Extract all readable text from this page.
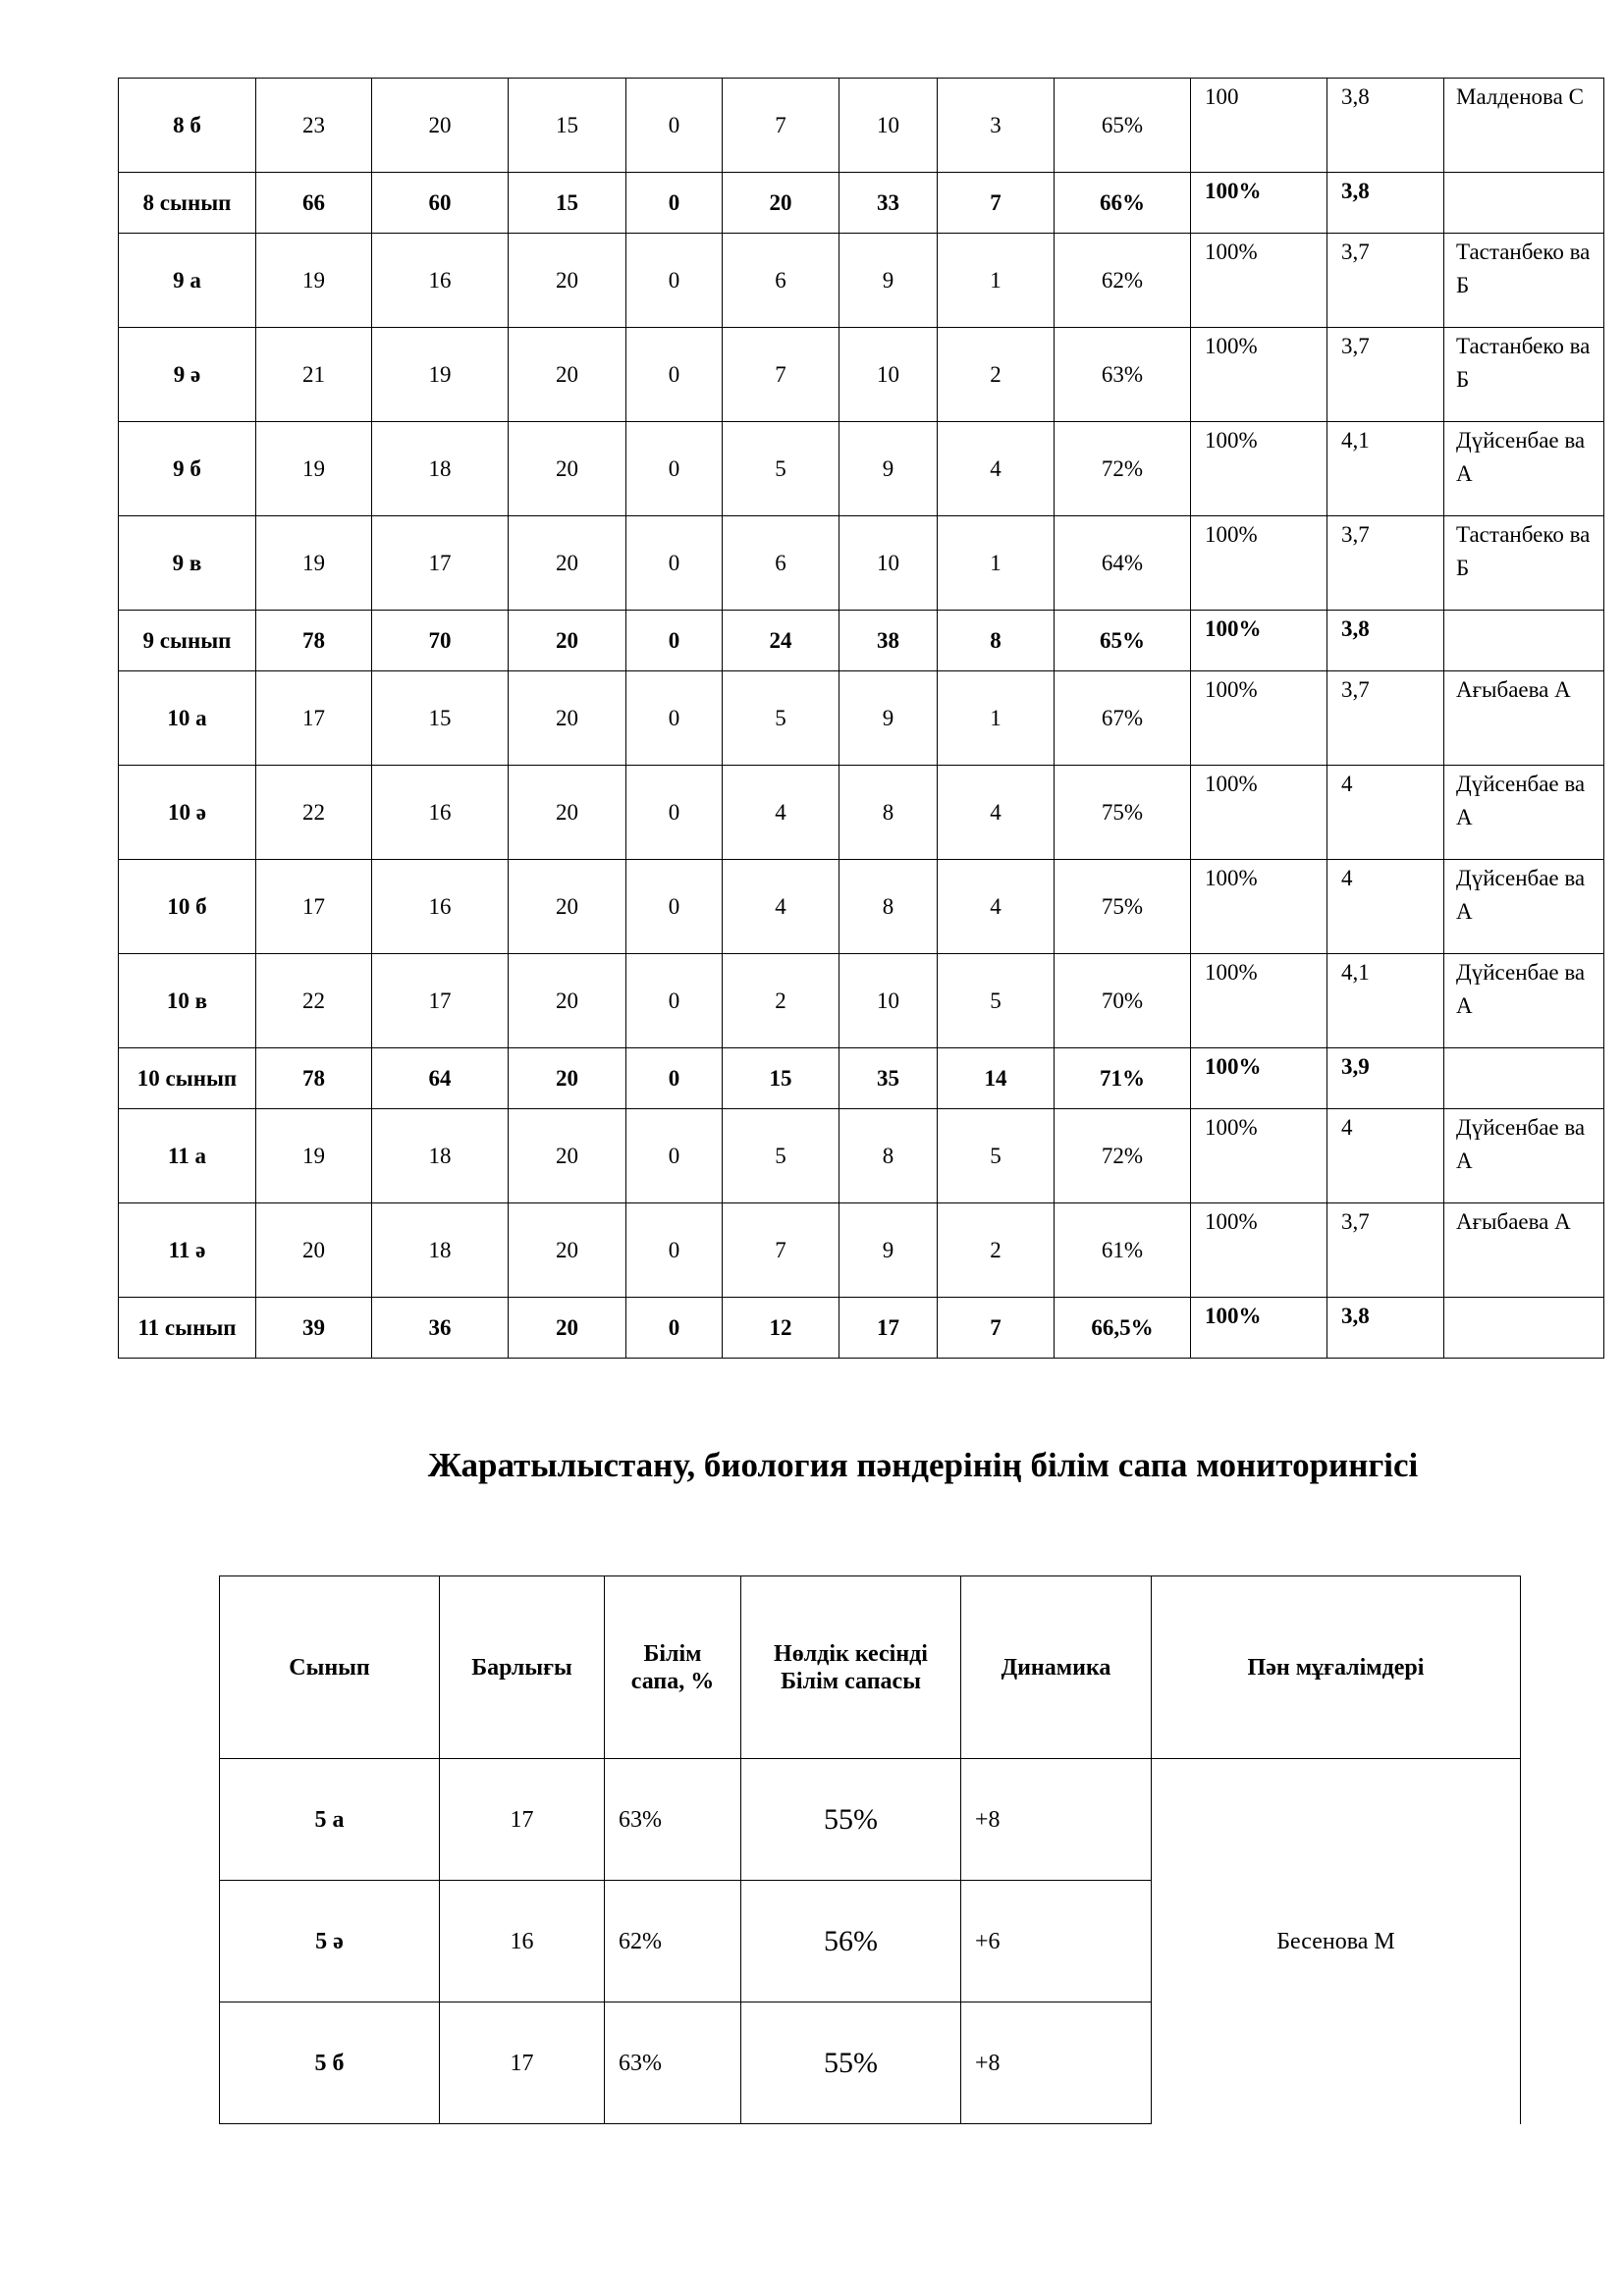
8 б	23	20	15	0	7	10	3	65%	100	3,8	Малденова С
8 сынып	66	60	15	0	20	33	7	66%	100%	3,8	
9 а	19	16	20	0	6	9	1	62%	100%	3,7	Тастанбеко ва Б
9 ә	21	19	20	0	7	10	2	63%	100%	3,7	Тастанбеко ва Б
9 б	19	18	20	0	5	9	4	72%	100%	4,1	Дүйсенбае ва А
9 в	19	17	20	0	6	10	1	64%	100%	3,7	Тастанбеко ва Б
9 сынып	78	70	20	0	24	38	8	65%	100%	3,8	
10 а	17	15	20	0	5	9	1	67%	100%	3,7	Ағыбаева А
10 ә	22	16	20	0	4	8	4	75%	100%	4	Дүйсенбае ва А
10 б	17	16	20	0	4	8	4	75%	100%	4	Дүйсенбае ва А
10 в	22	17	20	0	2	10	5	70%	100%	4,1	Дүйсенбае ва А
10 сынып	78	64	20	0	15	35	14	71%	100%	3,9	
11 а	19	18	20	0	5	8	5	72%	100%	4	Дүйсенбае ва А
11 ә	20	18	20	0	7	9	2	61%	100%	3,7	Ағыбаева А
11 сынып	39	36	20	0	12	17	7	66,5%	100%	3,8	
Жаратылыстану, биология пәндерінің білім сапа мониторингісі
Сынып	Барлығы	Білім сапа, %	Нөлдік кесінді Білім сапасы	Динамика	Пән мұғалімдері
5 а	17	63%	55%	+8	Бесенова М
5 ә	16	62%	56%	+6	
5 б	17	63%	55%	+8	
